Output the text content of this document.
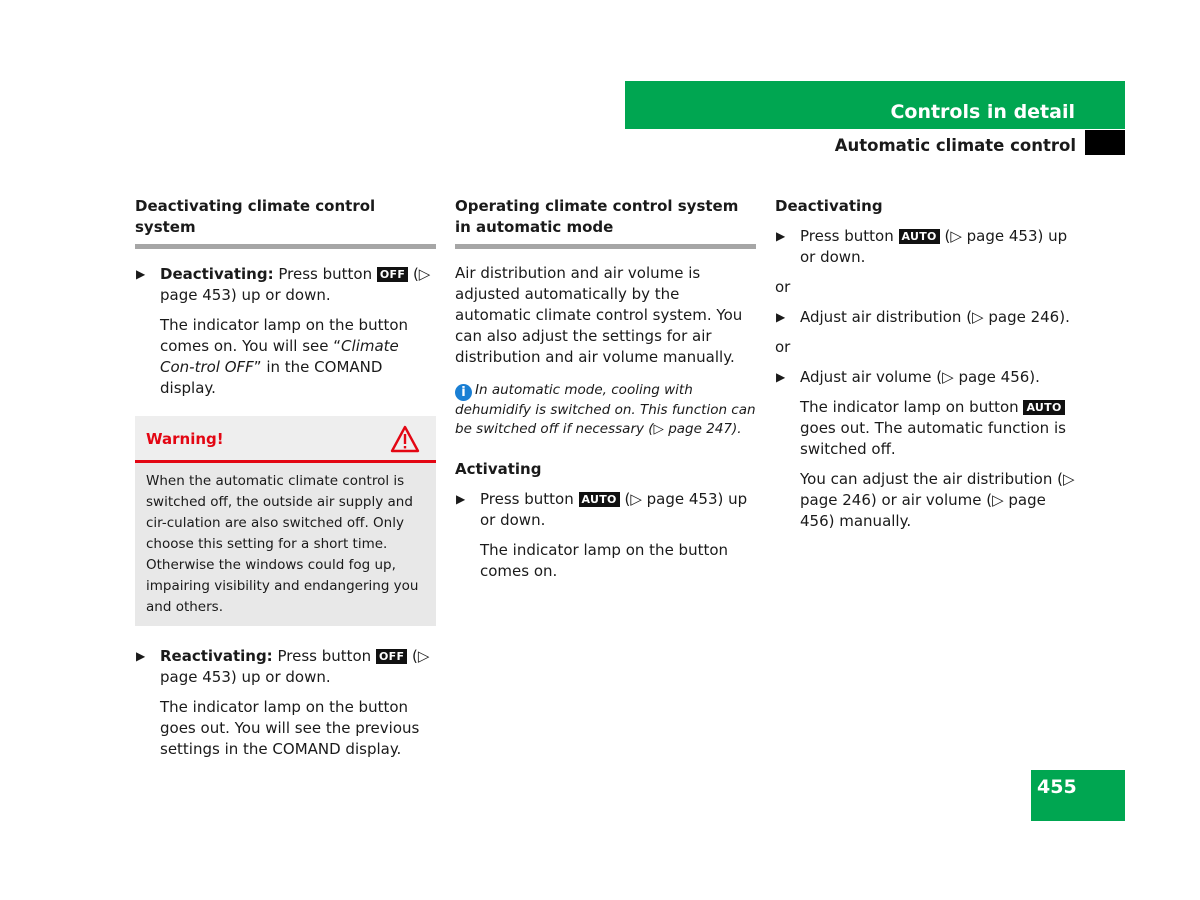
Controls in detail
Automatic climate control
Deactivating climate control system
▶ Deactivating: Press button OFF (▷ page 453) up or down.
The indicator lamp on the button comes on. You will see “Climate Con-trol OFF” in the COMAND display.
Warning!
When the automatic climate control is switched off, the outside air supply and cir-culation are also switched off. Only choose this setting for a short time. Otherwise the windows could fog up, impairing visibility and endangering you and others.
▶ Reactivating: Press button OFF (▷ page 453) up or down.
The indicator lamp on the button goes out. You will see the previous settings in the COMAND display.
Operating climate control system in automatic mode

Air distribution and air volume is adjusted automatically by the automatic climate control system. You can also adjust the settings for air distribution and air volume manually.

i In automatic mode, cooling with dehumidify is switched on. This function can be switched off if necessary (▷ page 247).
Activating
▶ Press button AUTO (▷ page 453) up or down.
The indicator lamp on the button comes on.
Deactivating
▶ Press button AUTO (▷ page 453) up or down.
or
▶ Adjust air distribution (▷ page 246).
or
▶ Adjust air volume (▷ page 456).
The indicator lamp on button AUTO goes out. The automatic function is switched off.
You can adjust the air distribution (▷ page 246) or air volume (▷ page 456) manually.
455
